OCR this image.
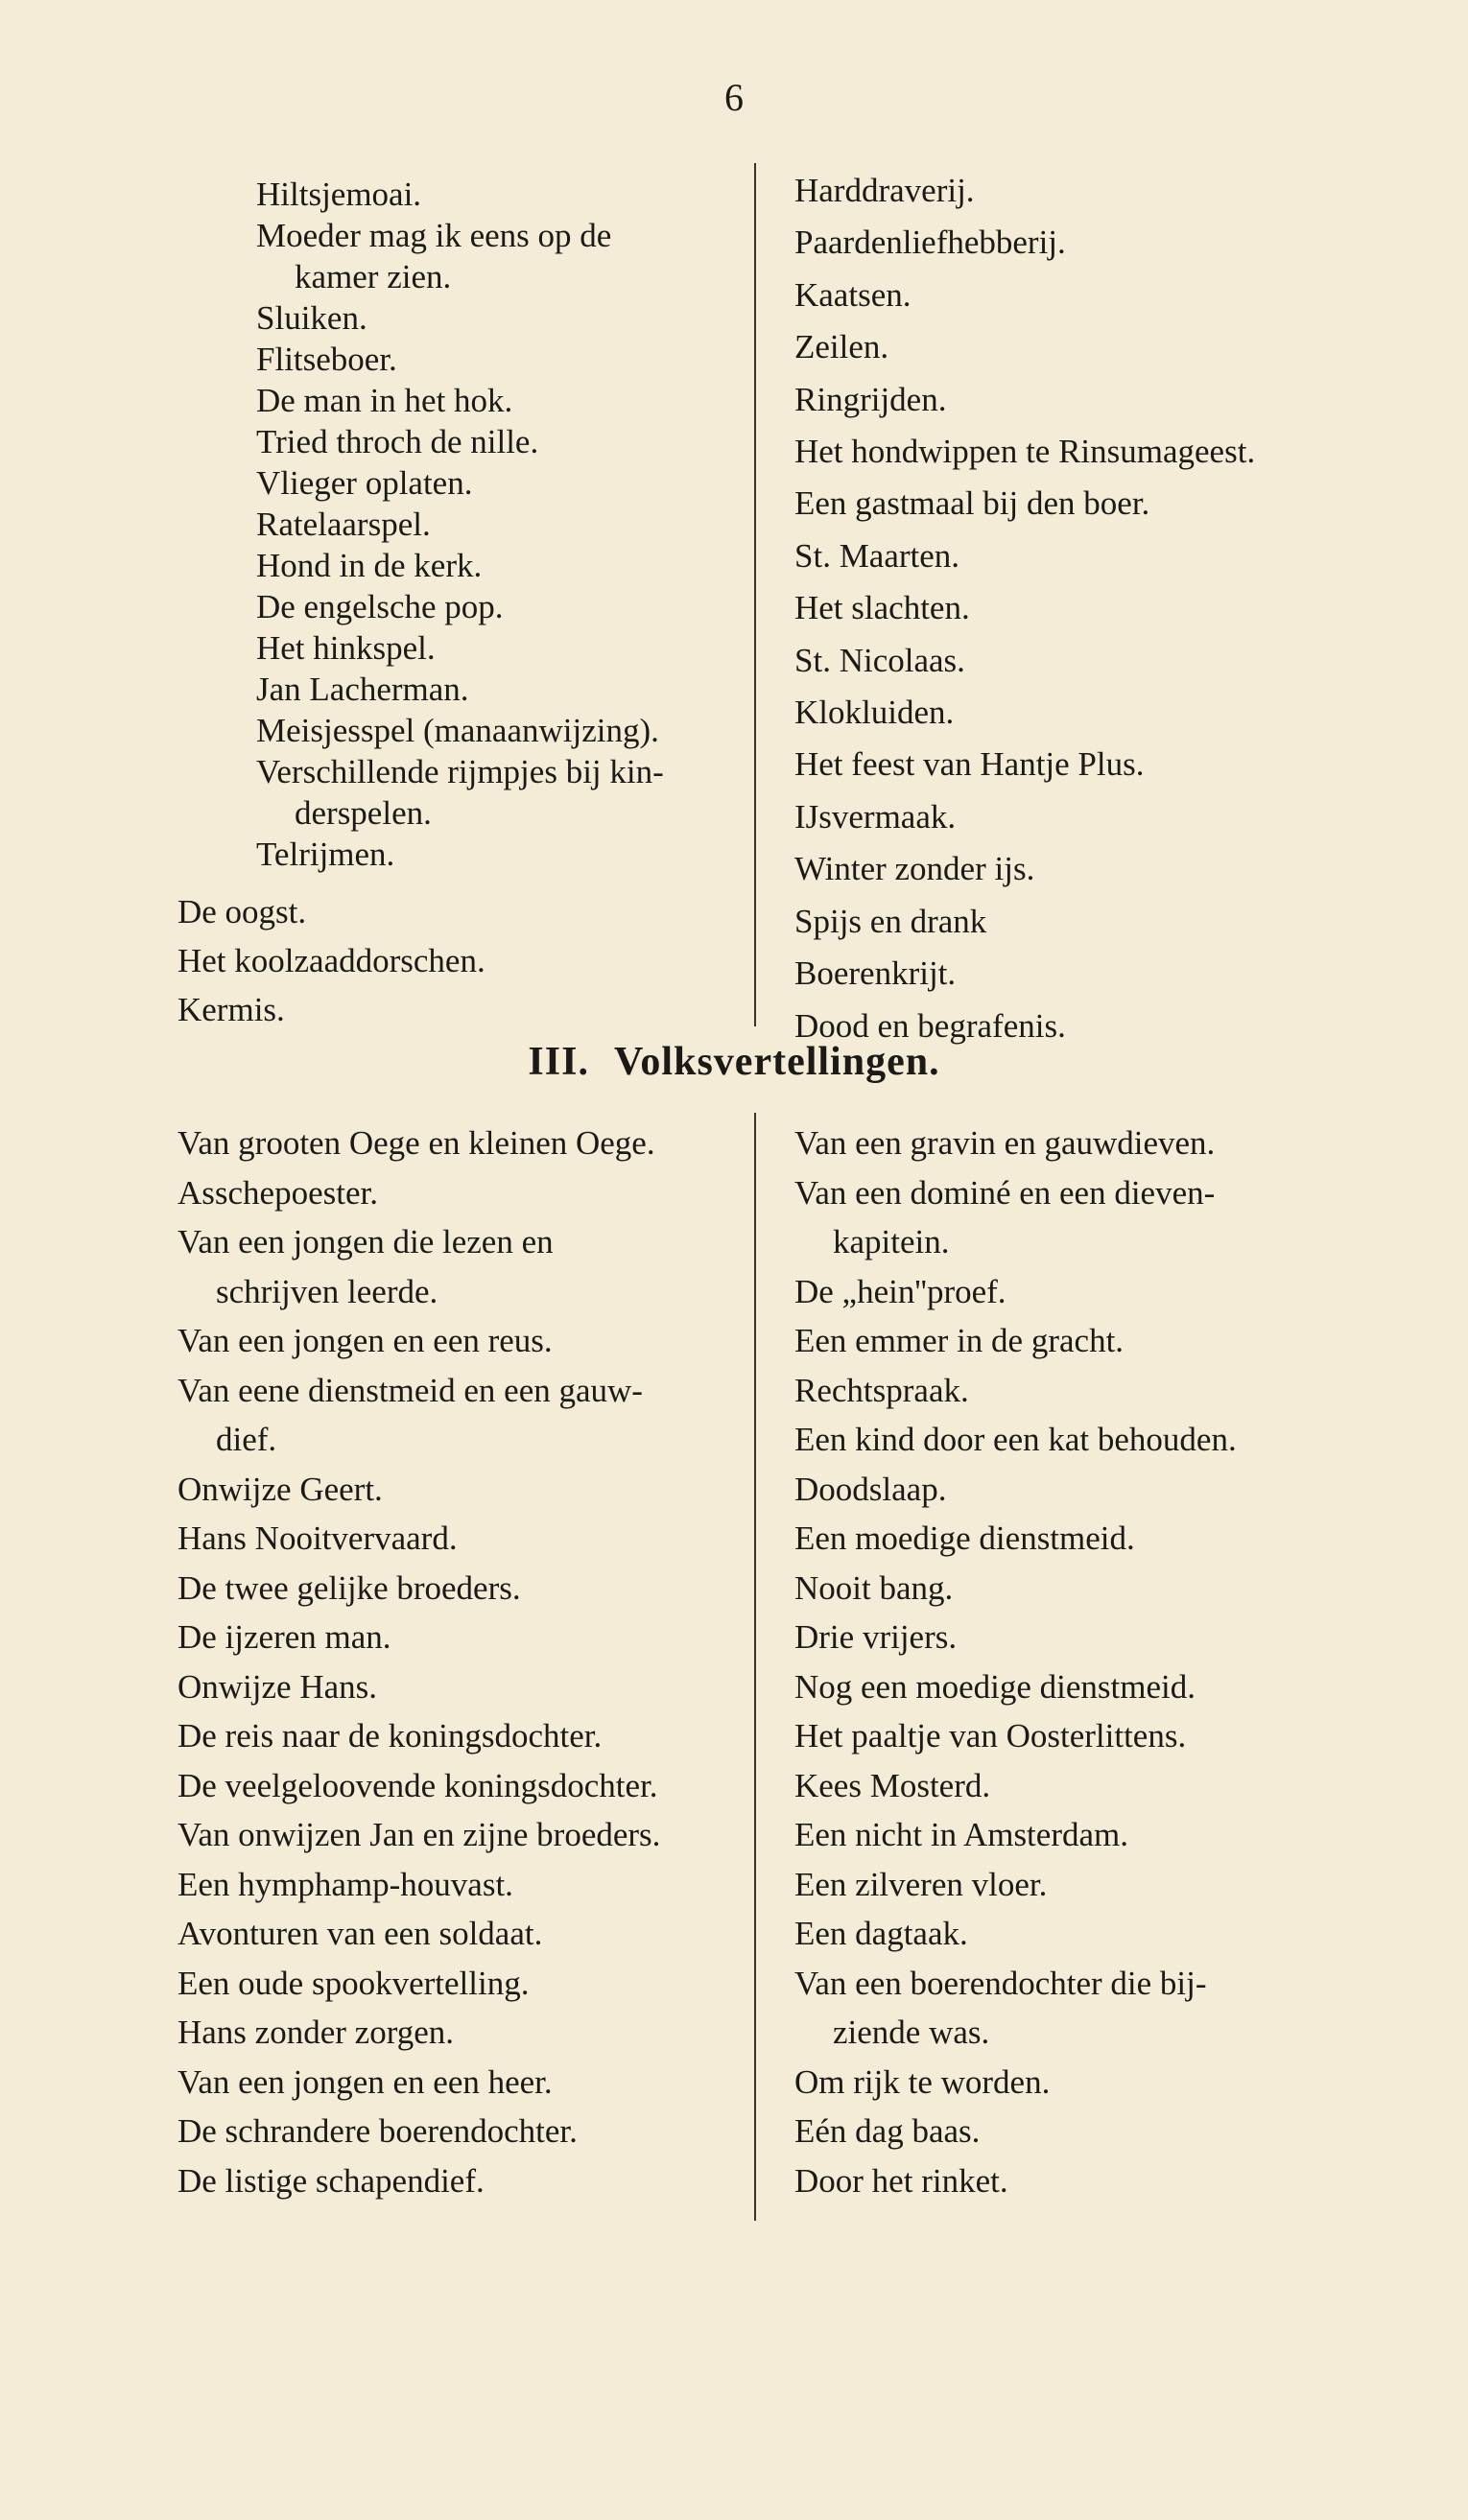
6
Hiltsjemoai.
Moeder mag ik eens op de
kamer zien.
Sluiken.
Flitseboer.
De man in het hok.
Tried throch de nille.
Vlieger oplaten.
Ratelaarspel.
Hond in de kerk.
De engelsche pop.
Het hinkspel.
Jan Lacherman.
Meisjesspel (manaanwijzing).
Verschillende rijmpjes bij kin-
derspelen.
Telrijmen.
De oogst.
Het koolzaaddorschen.
Kermis.
Harddraverij.
Paardenliefhebberij.
Kaatsen.
Zeilen.
Ringrijden.
Het hondwippen te Rinsumageest.
Een gastmaal bij den boer.
St. Maarten.
Het slachten.
St. Nicolaas.
Klokluiden.
Het feest van Hantje Plus.
IJsvermaak.
Winter zonder ijs.
Spijs en drank
Boerenkrijt.
Dood en begrafenis.
III. Volksvertellingen.
Van grooten Oege en kleinen Oege.
Asschepoester.
Van een jongen die lezen en
schrijven leerde.
Van een jongen en een reus.
Van eene dienstmeid en een gauw-
dief.
Onwijze Geert.
Hans Nooitvervaard.
De twee gelijke broeders.
De ijzeren man.
Onwijze Hans.
De reis naar de koningsdochter.
De veelgeloovende koningsdochter.
Van onwijzen Jan en zijne broeders.
Een hymphamp-houvast.
Avonturen van een soldaat.
Een oude spookvertelling.
Hans zonder zorgen.
Van een jongen en een heer.
De schrandere boerendochter.
De listige schapendief.
Van een gravin en gauwdieven.
Van een dominé en een dieven-
kapitein.
De „hein''proef.
Een emmer in de gracht.
Rechtspraak.
Een kind door een kat behouden.
Doodslaap.
Een moedige dienstmeid.
Nooit bang.
Drie vrijers.
Nog een moedige dienstmeid.
Het paaltje van Oosterlittens.
Kees Mosterd.
Een nicht in Amsterdam.
Een zilveren vloer.
Een dagtaak.
Van een boerendochter die bij-
ziende was.
Om rijk te worden.
Eén dag baas.
Door het rinket.
